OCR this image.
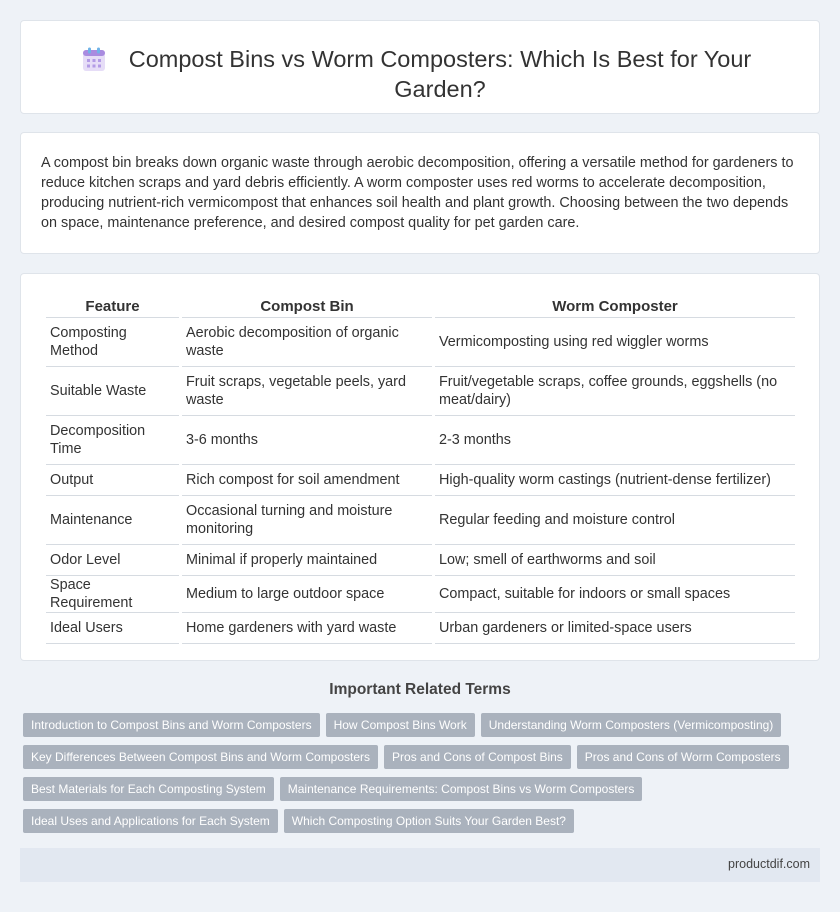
Compost Bins vs Worm Composters: Which Is Best for Your Garden?

A compost bin breaks down organic waste through aerobic decomposition, offering a versatile method for gardeners to reduce kitchen scraps and yard debris efficiently. A worm composter uses red worms to accelerate decomposition, producing nutrient-rich vermicompost that enhances soil health and plant growth. Choosing between the two depends on space, maintenance preference, and desired compost quality for pet garden care.

Feature	Compost Bin	Worm Composter
Composting Method	Aerobic decomposition of organic waste	Vermicomposting using red wiggler worms
Suitable Waste	Fruit scraps, vegetable peels, yard waste	Fruit/vegetable scraps, coffee grounds, eggshells (no meat/dairy)
Decomposition Time	3-6 months	2-3 months
Output	Rich compost for soil amendment	High-quality worm castings (nutrient-dense fertilizer)
Maintenance	Occasional turning and moisture monitoring	Regular feeding and moisture control
Odor Level	Minimal if properly maintained	Low; smell of earthworms and soil
Space Requirement	Medium to large outdoor space	Compact, suitable for indoors or small spaces
Ideal Users	Home gardeners with yard waste	Urban gardeners or limited-space users
Important Related Terms
Introduction to Compost Bins and Worm Composters	How Compost Bins Work	Understanding Worm Composters (Vermicomposting)
Key Differences Between Compost Bins and Worm Composters	Pros and Cons of Compost Bins	Pros and Cons of Worm Composters
Best Materials for Each Composting System	Maintenance Requirements: Compost Bins vs Worm Composters
Ideal Uses and Applications for Each System	Which Composting Option Suits Your Garden Best?
productdif.com
